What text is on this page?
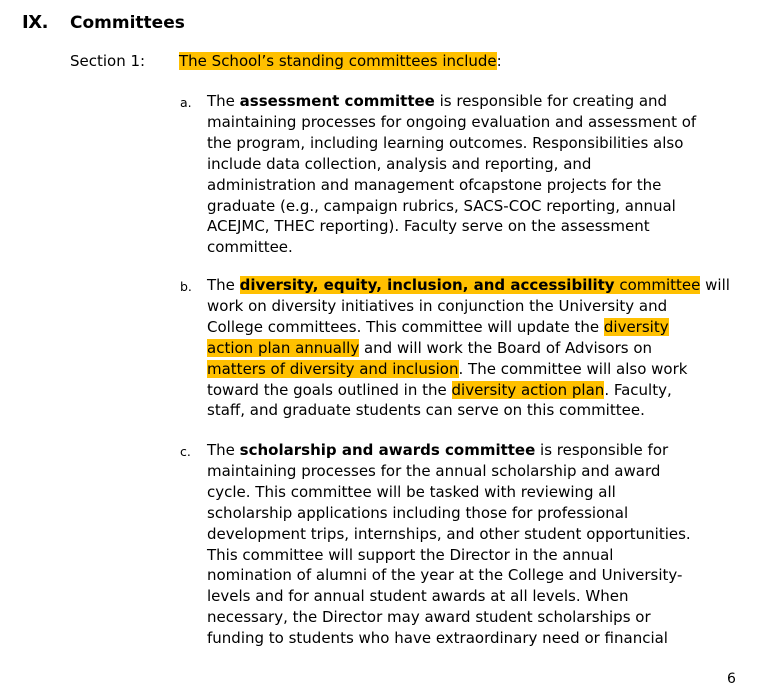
IX. Committees
Section 1: The School’s standing committees include:
a. The assessment committee is responsible for creating and
maintaining processes for ongoing evaluation and assessment of
the program, including learning outcomes. Responsibilities also
include data collection, analysis and reporting, and
administration and management ofcapstone projects for the
graduate (e.g., campaign rubrics, SACS-COC reporting, annual
ACEJMC, THEC reporting). Faculty serve on the assessment
committee.
b. The diversity, equity, inclusion, and accessibility committee will
work on diversity initiatives in conjunction the University and
College committees. This committee will update the diversity
action plan annually and will work the Board of Advisors on
matters of diversity and inclusion. The committee will also work
toward the goals outlined in the diversity action plan. Faculty,
staff, and graduate students can serve on this committee.
c. The scholarship and awards committee is responsible for
maintaining processes for the annual scholarship and award
cycle. This committee will be tasked with reviewing all
scholarship applications including those for professional
development trips, internships, and other student opportunities.
This committee will support the Director in the annual
nomination of alumni of the year at the College and University-
levels and for annual student awards at all levels. When
necessary, the Director may award student scholarships or
funding to students who have extraordinary need or financial
6
